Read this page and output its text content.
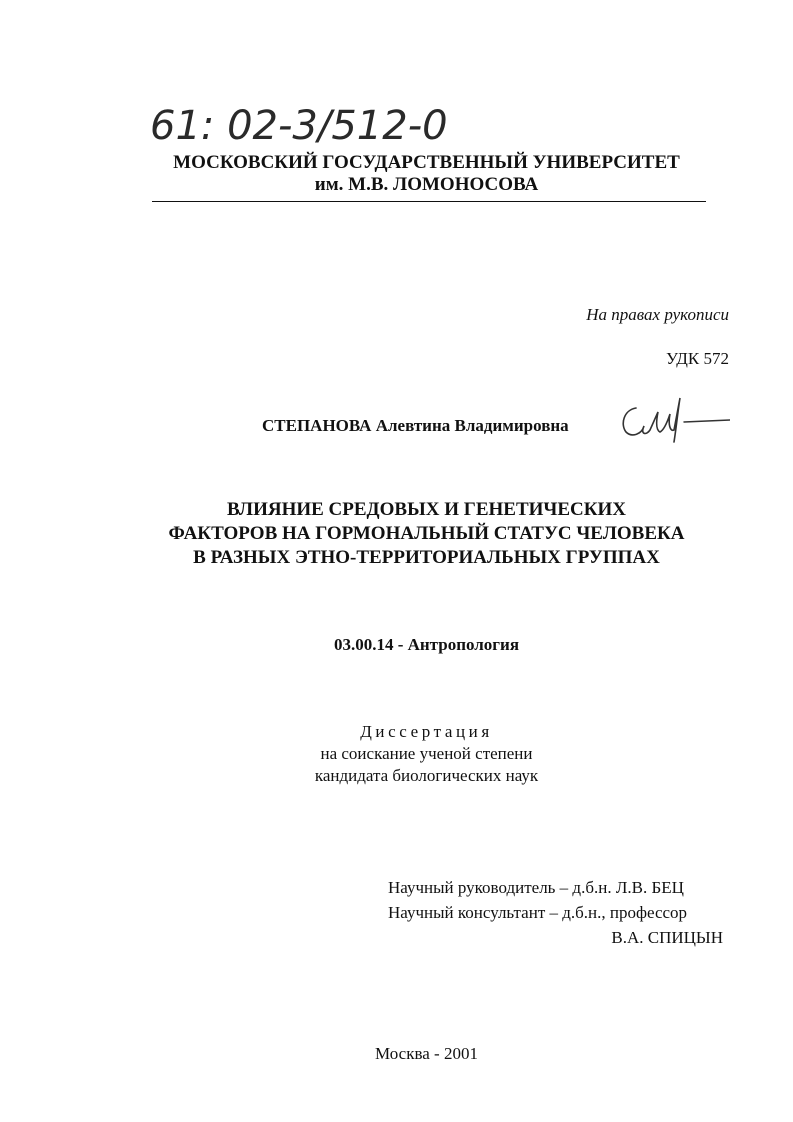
61: 02-3/512-0
МОСКОВСКИЙ ГОСУДАРСТВЕННЫЙ УНИВЕРСИТЕТ
им. М.В. ЛОМОНОСОВА
На правах рукописи
УДК 572
СТЕПАНОВА Алевтина Владимировна
ВЛИЯНИЕ СРЕДОВЫХ И ГЕНЕТИЧЕСКИХ
ФАКТОРОВ НА ГОРМОНАЛЬНЫЙ СТАТУС ЧЕЛОВЕКА
В РАЗНЫХ ЭТНО-ТЕРРИТОРИАЛЬНЫХ ГРУППАХ
03.00.14 - Антропология
Диссертация
на соискание ученой степени
кандидата биологических наук
Научный руководитель – д.б.н. Л.В. БЕЦ
Научный консультант – д.б.н., профессор
В.А. СПИЦЫН
Москва - 2001
